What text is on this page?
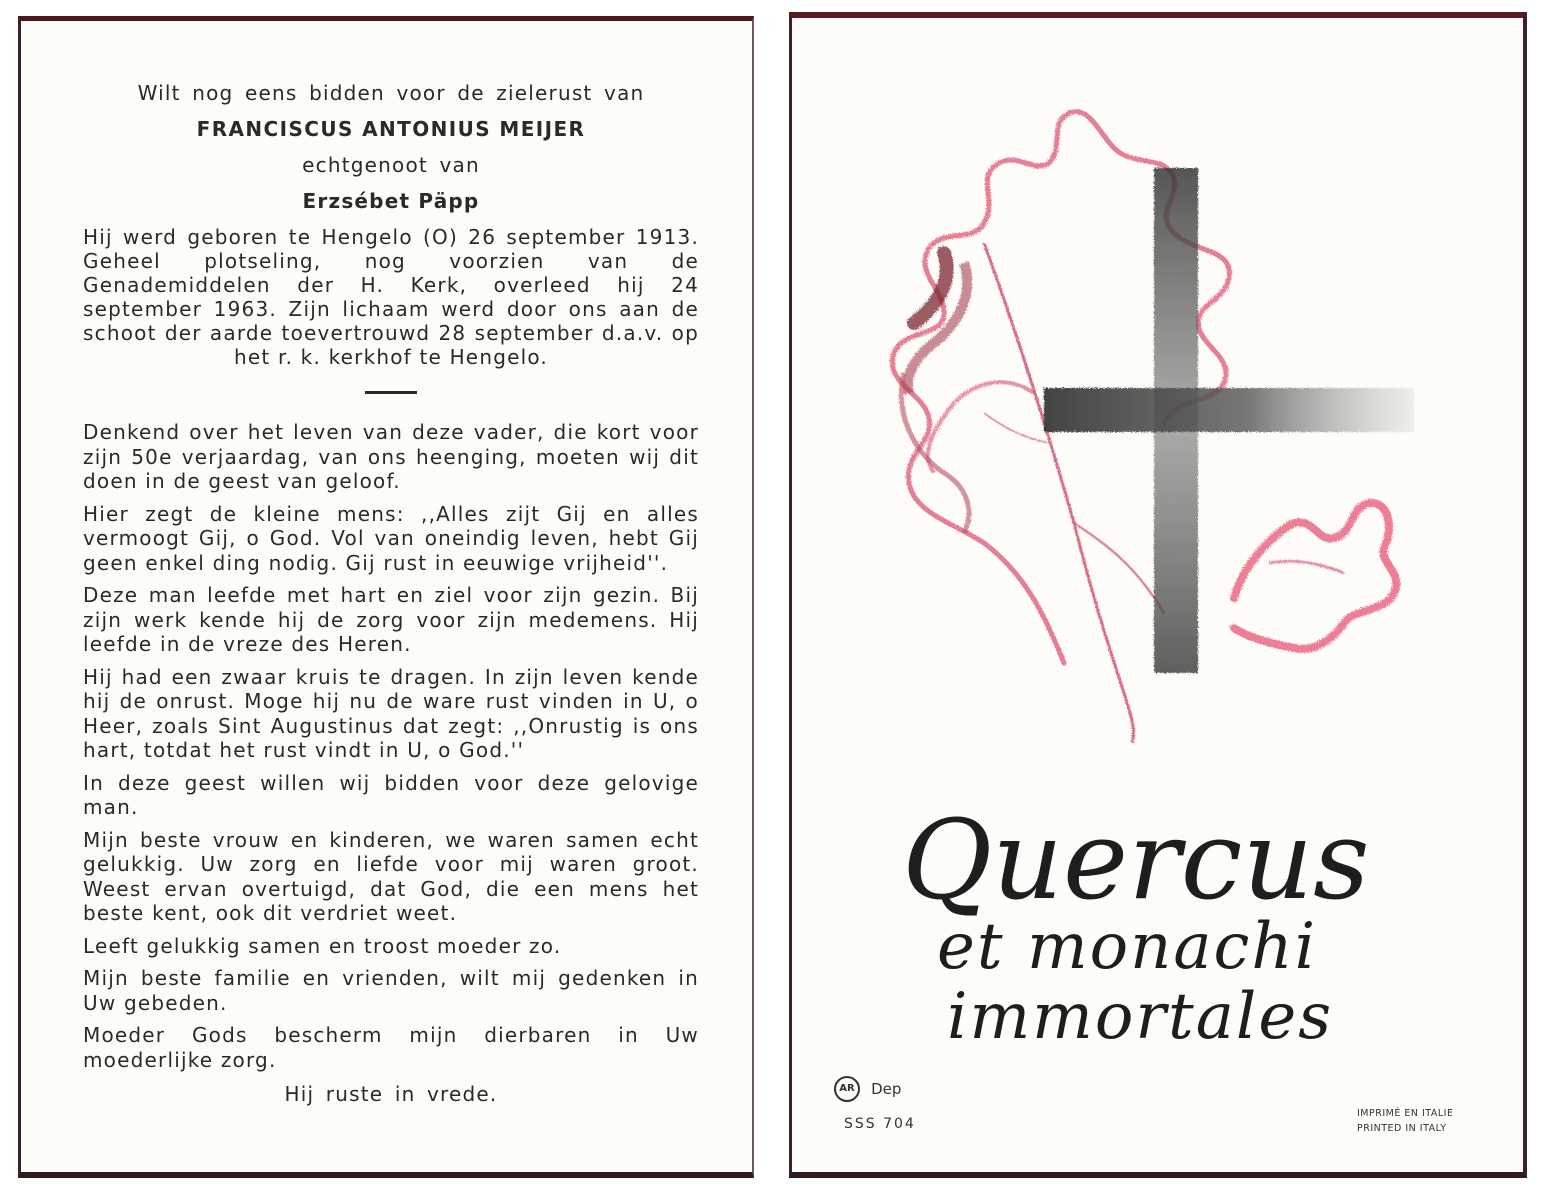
Wilt nog eens bidden voor de zielerust van

FRANCISCUS ANTONIUS MEIJER

echtgenoot van

Erzsébet Päpp

Hij werd geboren te Hengelo (O) 26 september 1913. Geheel plotseling, nog voorzien van de Genademiddelen der H. Kerk, overleed hij 24 september 1963. Zijn lichaam werd door ons aan de schoot der aarde toevertrouwd 28 september d.a.v. op het r. k. kerkhof te Hengelo.

Denkend over het leven van deze vader, die kort voor zijn 50e verjaardag, van ons heenging, moeten wij dit doen in de geest van geloof.

Hier zegt de kleine mens: ,,Alles zijt Gij en alles vermoogt Gij, o God. Vol van oneindig leven, hebt Gij geen enkel ding nodig. Gij rust in eeuwige vrijheid''.

Deze man leefde met hart en ziel voor zijn gezin. Bij zijn werk kende hij de zorg voor zijn medemens. Hij leefde in de vreze des Heren.

Hij had een zwaar kruis te dragen. In zijn leven kende hij de onrust. Moge hij nu de ware rust vinden in U, o Heer, zoals Sint Augustinus dat zegt: ,,Onrustig is ons hart, totdat het rust vindt in U, o God.''

In deze geest willen wij bidden voor deze gelovige man.

Mijn beste vrouw en kinderen, we waren samen echt gelukkig. Uw zorg en liefde voor mij waren groot. Weest ervan overtuigd, dat God, die een mens het beste kent, ook dit verdriet weet.

Leeft gelukkig samen en troost moeder zo.

Mijn beste familie en vrienden, wilt mij gedenken in Uw gebeden.

Moeder Gods bescherm mijn dierbaren in Uw moederlijke zorg.

Hij ruste in vrede.

Quercus
et monachi
immortales
AR Dep
SSS 704
IMPRIMÉ EN ITALIE
PRINTED IN ITALY
